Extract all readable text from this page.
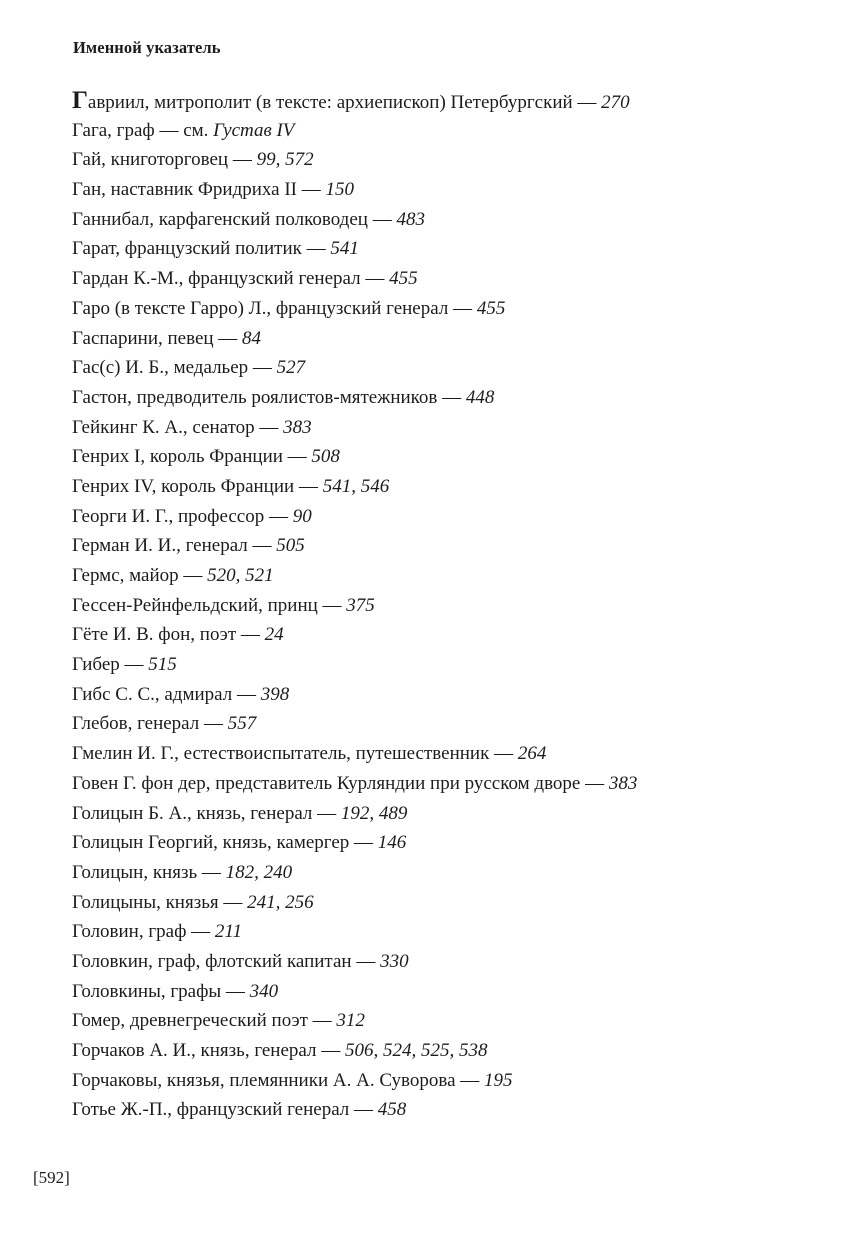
Именной указатель
Гавриил, митрополит (в тексте: архиепископ) Петербургский — 270
Гага, граф — см. Густав IV
Гай, книготорговец — 99, 572
Ган, наставник Фридриха II — 150
Ганнибал, карфагенский полководец — 483
Гарат, французский политик — 541
Гардан К.-М., французский генерал — 455
Гаро (в тексте Гарро) Л., французский генерал — 455
Гаспарини, певец — 84
Гас(с) И. Б., медальер — 527
Гастон, предводитель роялистов-мятежников — 448
Гейкинг К. А., сенатор — 383
Генрих I, король Франции — 508
Генрих IV, король Франции — 541, 546
Георги И. Г., профессор — 90
Герман И. И., генерал — 505
Гермс, майор — 520, 521
Гессен-Рейнфельдский, принц — 375
Гёте И. В. фон, поэт — 24
Гибер — 515
Гибс С. С., адмирал — 398
Глебов, генерал — 557
Гмелин И. Г., естествоиспытатель, путешественник — 264
Говен Г. фон дер, представитель Курляндии при русском дворе — 383
Голицын Б. А., князь, генерал — 192, 489
Голицын Георгий, князь, камергер — 146
Голицын, князь — 182, 240
Голицыны, князья — 241, 256
Головин, граф — 211
Головкин, граф, флотский капитан — 330
Головкины, графы — 340
Гомер, древнегреческий поэт — 312
Горчаков А. И., князь, генерал — 506, 524, 525, 538
Горчаковы, князья, племянники А. А. Суворова — 195
Готье Ж.-П., французский генерал — 458
[592]
